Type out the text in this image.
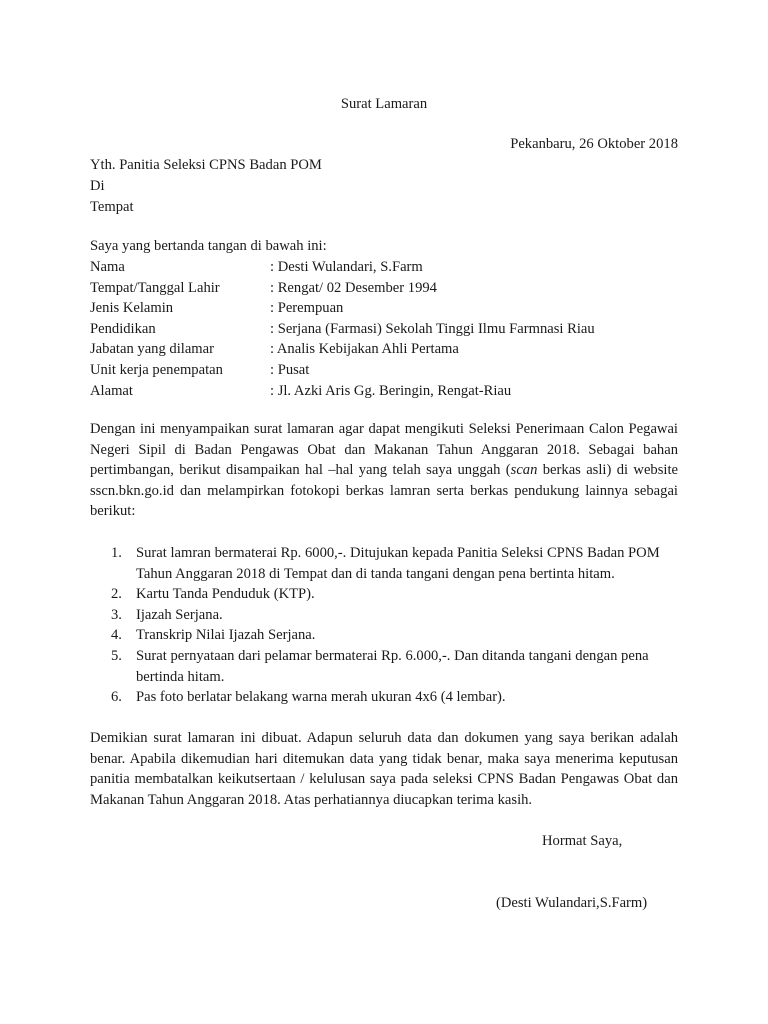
Surat Lamaran
Pekanbaru, 26 Oktober 2018
Yth. Panitia Seleksi CPNS Badan POM
Di
Tempat
Saya yang bertanda tangan di bawah ini:
Nama	: Desti Wulandari, S.Farm
Tempat/Tanggal Lahir	: Rengat/ 02 Desember 1994
Jenis Kelamin	: Perempuan
Pendidikan	: Serjana (Farmasi) Sekolah Tinggi Ilmu Farmnasi Riau
Jabatan yang dilamar	: Analis Kebijakan Ahli Pertama
Unit kerja penempatan	: Pusat
Alamat	: Jl. Azki Aris Gg. Beringin, Rengat-Riau
Dengan ini menyampaikan surat lamaran agar dapat mengikuti Seleksi Penerimaan Calon Pegawai Negeri Sipil di Badan Pengawas Obat dan Makanan Tahun Anggaran 2018. Sebagai bahan pertimbangan, berikut disampaikan hal –hal yang telah saya unggah (scan berkas asli) di website sscn.bkn.go.id dan melampirkan fotokopi berkas lamran serta berkas pendukung lainnya sebagai berikut:
1. Surat lamran bermaterai Rp. 6000,-. Ditujukan kepada Panitia Seleksi CPNS Badan POM Tahun Anggaran 2018 di Tempat dan di tanda tangani dengan pena bertinta hitam.
2. Kartu Tanda Penduduk (KTP).
3. Ijazah Serjana.
4. Transkrip Nilai Ijazah Serjana.
5. Surat pernyataan dari pelamar bermaterai Rp. 6.000,-. Dan ditanda tangani dengan pena bertinda hitam.
6. Pas foto berlatar belakang warna merah ukuran 4x6 (4 lembar).
Demikian surat lamaran ini dibuat. Adapun seluruh data dan dokumen yang saya berikan adalah benar. Apabila dikemudian hari ditemukan data yang tidak benar, maka saya menerima keputusan panitia membatalkan keikutsertaan / kelulusan saya pada seleksi CPNS Badan Pengawas Obat dan Makanan Tahun Anggaran 2018. Atas perhatiannya diucapkan terima kasih.
Hormat Saya,
(Desti Wulandari,S.Farm)
